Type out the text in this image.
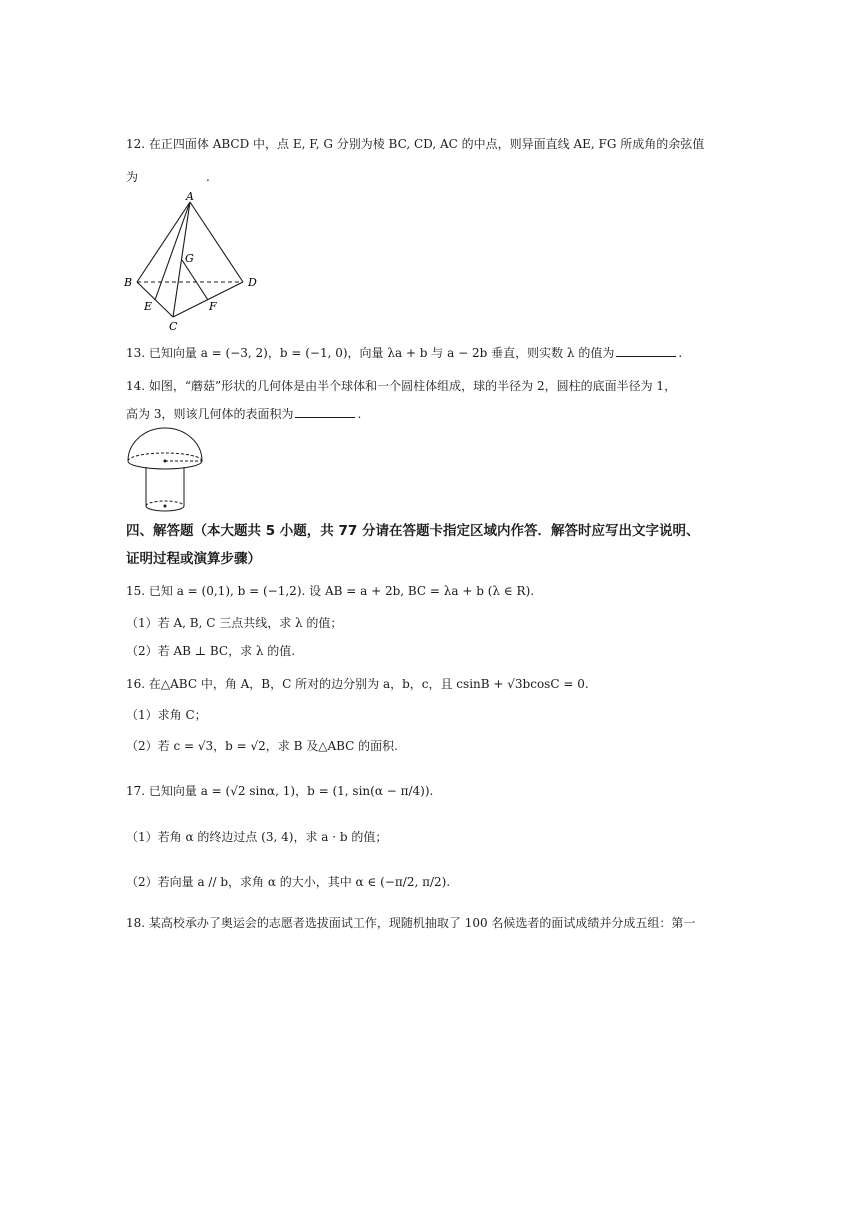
12. 在正四面体 ABCD 中，点 E, F, G 分别为棱 BC, CD, AC 的中点，则异面直线 AE, FG 所成角的余弦值
为	.
A
B
C
D
E	F
G
13. 已知向量 a = (−3, 2)，b = (−1, 0)，向量 λa + b 与 a − 2b 垂直，则实数 λ 的值为	.
14. 如图，“蘑菇”形状的几何体是由半个球体和一个圆柱体组成，球的半径为 2，圆柱的底面半径为 1，
高为 3，则该几何体的表面积为	.
四、解答题（本大题共 5 小题，共 77 分请在答题卡指定区域内作答．解答时应写出文字说明、
证明过程或演算步骤）
15. 已知 a = (0,1), b = (−1,2). 设 AB = a + 2b, BC = λa + b (λ ∈ R).
（1）若 A, B, C 三点共线，求 λ 的值；
（2）若 AB ⊥ BC，求 λ 的值.
16. 在△ABC 中，角 A，B，C 所对的边分别为 a，b，c，且 csinB + √3bcosC = 0.
（1）求角 C；
（2）若 c = √3，b = √2，求 B 及△ABC 的面积.
17. 已知向量 a = (√2 sinα, 1)，b = (1, sin(α − π/4)).
（1）若角 α 的终边过点 (3, 4)，求 a · b 的值；
（2）若向量 a // b，求角 α 的大小，其中 α ∈ (−π/2, π/2).
18. 某高校承办了奥运会的志愿者选拔面试工作，现随机抽取了 100 名候选者的面试成绩并分成五组：第一
